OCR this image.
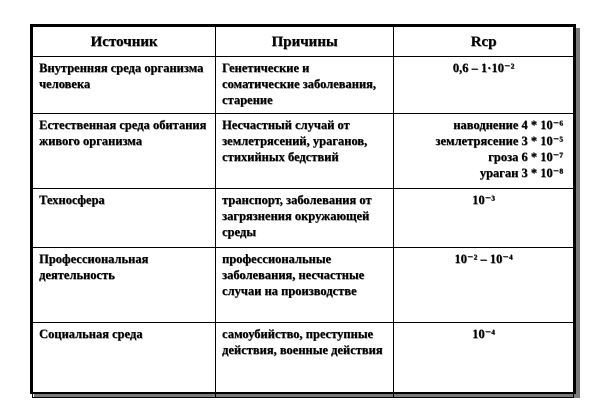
Источник	Причины	Rср
Внутренняя среда организма человека	Генетические и соматические заболевания, старение	0,6 – 1·10⁻²

Естественная среда обитания живого организма	Несчастный случай от землетрясений, ураганов, стихийных бедствий	наводнение 4 * 10⁻⁶
землетрясение 3 * 10⁻⁵
гроза 6 * 10⁻⁷
ураган 3 * 10⁻⁸

Техносфера	транспорт, заболевания от загрязнения окружающей среды	10⁻³

Профессиональная деятельность	профессиональные заболевания, несчастные случаи на производстве	10⁻² – 10⁻⁴

Социальная среда	самоубийство, преступные действия, военные действия	10⁻⁴
